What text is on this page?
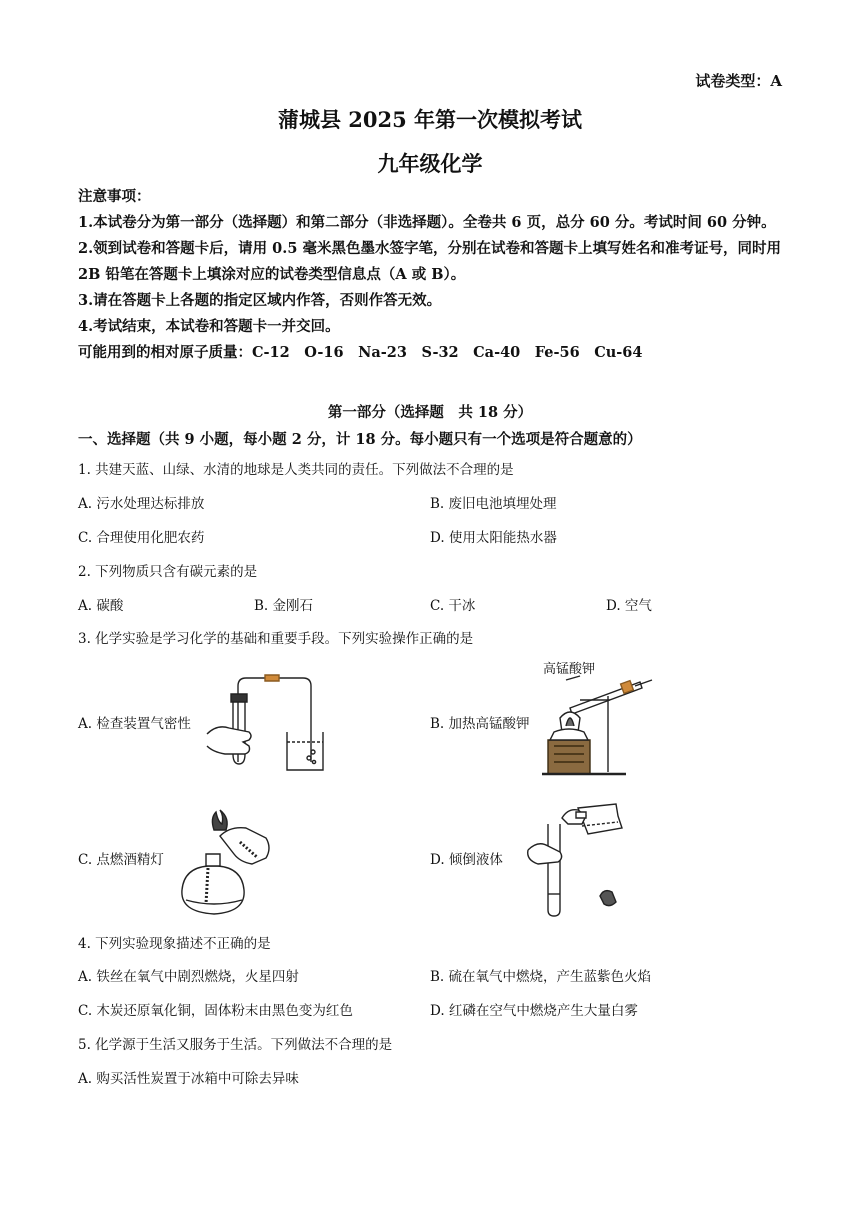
试卷类型：A
蒲城县 2025 年第一次模拟考试
九年级化学
注意事项：
1.本试卷分为第一部分（选择题）和第二部分（非选择题）。全卷共 6 页，总分 60 分。考试时间 60 分钟。
2.领到试卷和答题卡后，请用 0.5 毫米黑色墨水签字笔，分别在试卷和答题卡上填写姓名和准考证号，同时用 2B 铅笔在答题卡上填涂对应的试卷类型信息点（A 或 B）。
3.请在答题卡上各题的指定区域内作答，否则作答无效。
4.考试结束，本试卷和答题卡一并交回。
可能用到的相对原子质量：C-12　O-16　Na-23　S-32　Ca-40　Fe-56　Cu-64
第一部分（选择题　共 18 分）
一、选择题（共 9 小题，每小题 2 分，计 18 分。每小题只有一个选项是符合题意的）
1. 共建天蓝、山绿、水清的地球是人类共同的责任。下列做法不合理的是
A. 污水处理达标排放	B. 废旧电池填埋处理
C. 合理使用化肥农药	D. 使用太阳能热水器
2. 下列物质只含有碳元素的是
A. 碳酸	B. 金刚石	C. 干冰	D. 空气
3. 化学实验是学习化学的基础和重要手段。下列实验操作正确的是
A. 检查装置气密性	B. 加热高锰酸钾
C. 点燃酒精灯	D. 倾倒液体
高锰酸钾
4. 下列实验现象描述不正确的是
A. 铁丝在氧气中剧烈燃烧，火星四射	B. 硫在氧气中燃烧，产生蓝紫色火焰
C. 木炭还原氧化铜，固体粉末由黑色变为红色	D. 红磷在空气中燃烧产生大量白雾
5. 化学源于生活又服务于生活。下列做法不合理的是
A. 购买活性炭置于冰箱中可除去异味
